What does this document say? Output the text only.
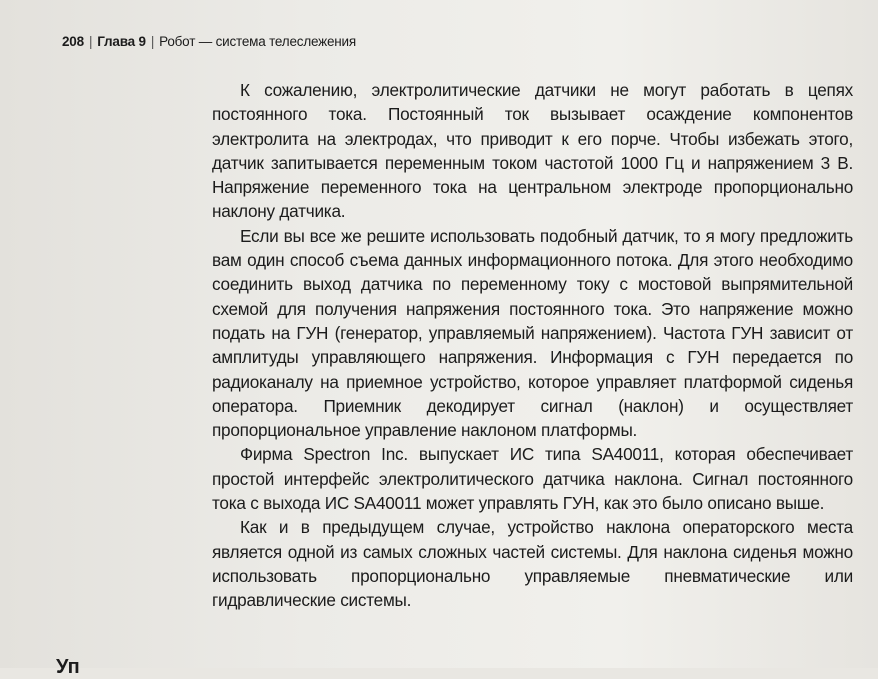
208 | Глава 9 | Робот — система телеслежения

К сожалению, электролитические датчики не могут работать в цепях постоянного тока. Постоянный ток вызывает осаждение компонентов электролита на электродах, что приводит к его порче. Чтобы избежать этого, датчик запитывается переменным током частотой 1000 Гц и напряжением 3 В. Напряжение переменного тока на центральном электроде пропорционально наклону датчика.

Если вы все же решите использовать подобный датчик, то я могу предложить вам один способ съема данных информационного потока. Для этого необходимо соединить выход датчика по переменному току с мостовой выпрямительной схемой для получения напряжения постоянного тока. Это напряжение можно подать на ГУН (генератор, управляемый напряжением). Частота ГУН зависит от амплитуды управляющего напряжения. Информация с ГУН передается по радиоканалу на приемное устройство, которое управляет платформой сиденья оператора. Приемник декодирует сигнал (наклон) и осуществляет пропорциональное управление наклоном платформы.

Фирма Spectron Inc. выпускает ИС типа SA40011, которая обеспечивает простой интерфейс электролитического датчика наклона. Сигнал постоянного тока с выхода ИС SA40011 может управлять ГУН, как это было описано выше.

Как и в предыдущем случае, устройство наклона операторского места является одной из самых сложных частей системы. Для наклона сиденья можно использовать пропорционально управляемые пневматические или гидравлические системы.

Уп
